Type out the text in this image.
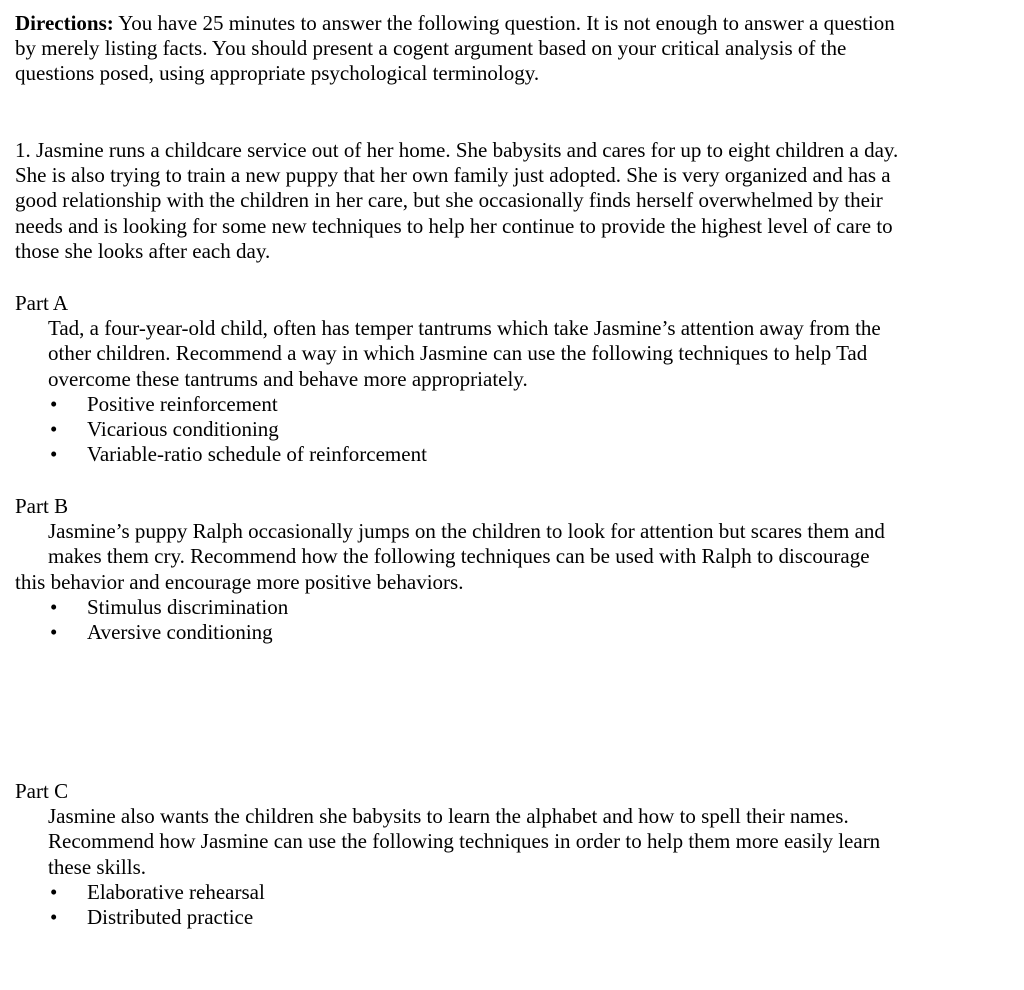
Directions: You have 25 minutes to answer the following question. It is not enough to answer a question
by merely listing facts. You should present a cogent argument based on your critical analysis of the
questions posed, using appropriate psychological terminology.
1. Jasmine runs a childcare service out of her home. She babysits and cares for up to eight children a day.
She is also trying to train a new puppy that her own family just adopted. She is very organized and has a
good relationship with the children in her care, but she occasionally finds herself overwhelmed by their
needs and is looking for some new techniques to help her continue to provide the highest level of care to
those she looks after each day.
Part A
Tad, a four-year-old child, often has temper tantrums which take Jasmine’s attention away from the
other children. Recommend a way in which Jasmine can use the following techniques to help Tad
overcome these tantrums and behave more appropriately.
• Positive reinforcement
• Vicarious conditioning
• Variable-ratio schedule of reinforcement
Part B
Jasmine’s puppy Ralph occasionally jumps on the children to look for attention but scares them and
makes them cry. Recommend how the following techniques can be used with Ralph to discourage
this behavior and encourage more positive behaviors.
• Stimulus discrimination
• Aversive conditioning
Part C
Jasmine also wants the children she babysits to learn the alphabet and how to spell their names.
Recommend how Jasmine can use the following techniques in order to help them more easily learn
these skills.
• Elaborative rehearsal
• Distributed practice
